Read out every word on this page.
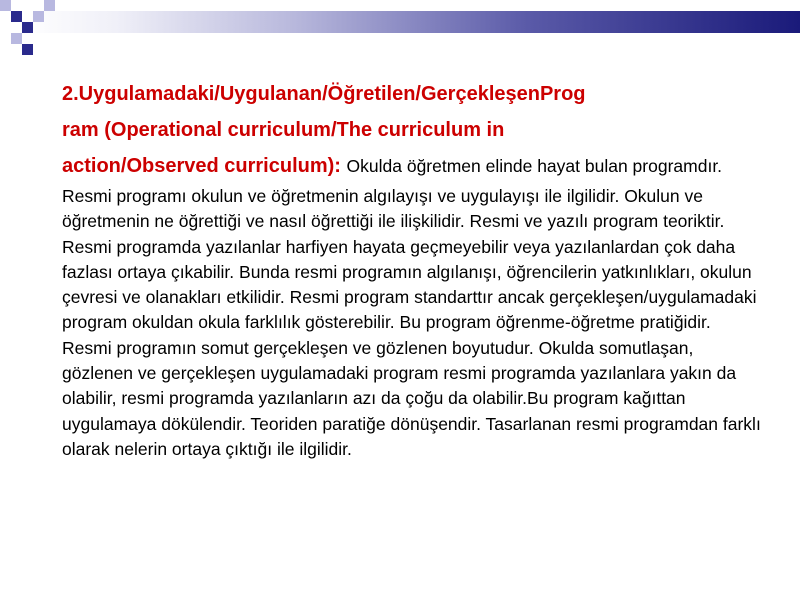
2.Uygulamadaki/Uygulanan/Öğretilen/GerçekleşenProg
ram (Operational curriculum/The curriculum in
action/Observed curriculum): Okulda öğretmen elinde hayat bulan programdır. Resmi programı okulun ve öğretmenin algılayışı ve uygulayışı ile ilgilidir. Okulun ve öğretmenin ne öğrettiği ve nasıl öğrettiği ile ilişkilidir. Resmi ve yazılı program teoriktir. Resmi programda yazılanlar harfiyen hayata geçmeyebilir veya yazılanlardan çok daha fazlası ortaya çıkabilir. Bunda resmi programın algılanışı, öğrencilerin yatkınlıkları, okulun çevresi ve olanakları etkilidir. Resmi program standarttır ancak gerçekleşen/uygulamadaki program okuldan okula farklılık gösterebilir. Bu program öğrenme-öğretme pratiğidir. Resmi programın somut gerçekleşen ve gözlenen boyutudur. Okulda somutlaşan, gözlenen ve gerçekleşen uygulamadaki program resmi programda yazılanlara yakın da olabilir, resmi programda yazılanların azı da çoğu da olabilir.Bu program kağıttan uygulamaya dökülendir. Teoriden paratiğe dönüşendir. Tasarlanan resmi programdan farklı olarak nelerin ortaya çıktığı ile ilgilidir.
